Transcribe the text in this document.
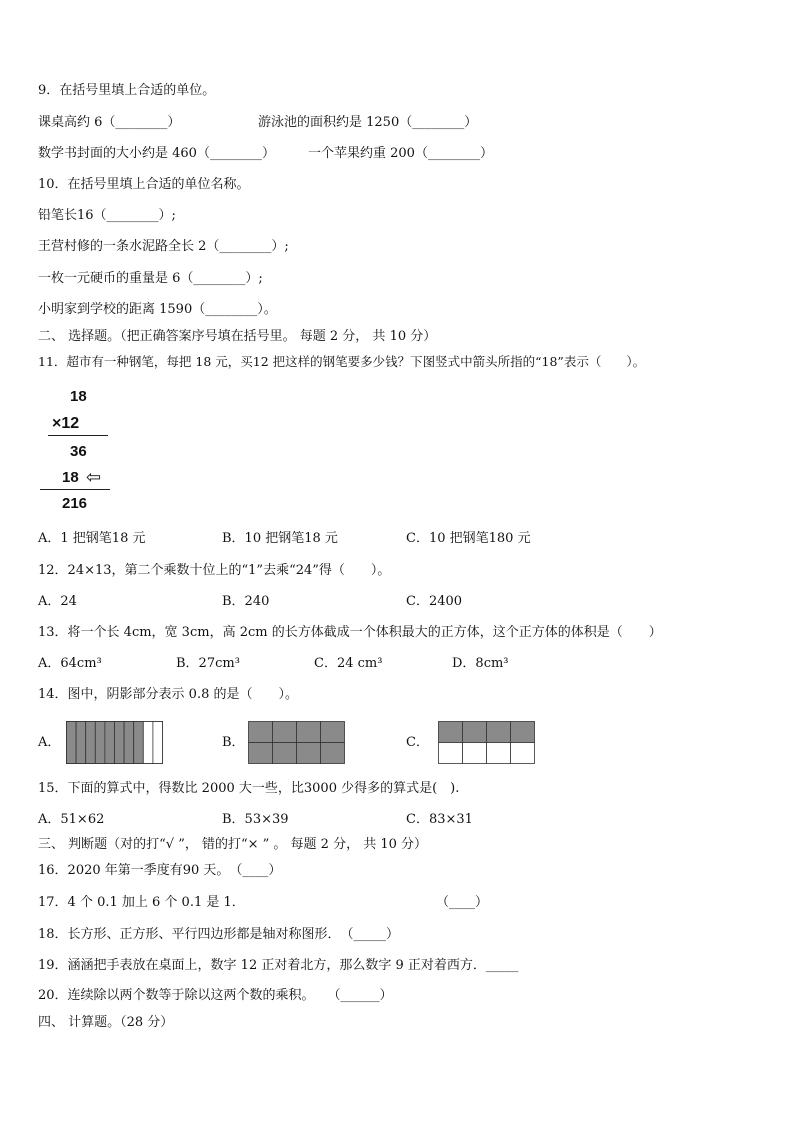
9．在括号里填上合适的单位。
课桌高约 6（________）	游泳池的面积约是 1250（________）
数学书封面的大小约是 460（________）	一个苹果约重 200（________）
10．在括号里填上合适的单位名称。
铅笔长16（________）;
王营村修的一条水泥路全长 2（________）;
一枚一元硬币的重量是 6（________）;
小明家到学校的距离 1590（________）。
二、 选择题。（把正确答案序号填在括号里。 每题 2 分， 共 10 分）
11．超市有一种钢笔，每把 18 元，买12 把这样的钢笔要多少钱？下图竖式中箭头所指的“18”表示（　　）。
18
×12
36
18 ⇦
216
A．1 把钢笔18 元	B．10 把钢笔18 元	C．10 把钢笔180 元
12．24×13，第二个乘数十位上的“1”去乘“24”得（　　）。
A．24	B．240	C．2400
13．将一个长 4cm，宽 3cm，高 2cm 的长方体截成一个体积最大的正方体，这个正方体的体积是（　　）
A．64cm³	B．27cm³	C．24 cm³	D．8cm³
14．图中，阴影部分表示 0.8 的是（　　）。
A．	B．	C．
15．下面的算式中，得数比 2000 大一些，比3000 少得多的算式是(　).
A．51×62	B．53×39	C．83×31
三、 判断题（对的打“√ ”， 错的打“× ” 。 每题 2 分， 共 10 分）
16．2020 年第一季度有90 天。　（____）
17．4 个 0.1 加上 6 个 0.1 是 1．	（____）
18．长方形、正方形、平行四边形都是轴对称图形．　（_____）
19．涵涵把手表放在桌面上，数字 12 正对着北方，那么数字 9 正对着西方．_____
20．连续除以两个数等于除以这两个数的乘积。　　（______）
四、 计算题。（28 分）
